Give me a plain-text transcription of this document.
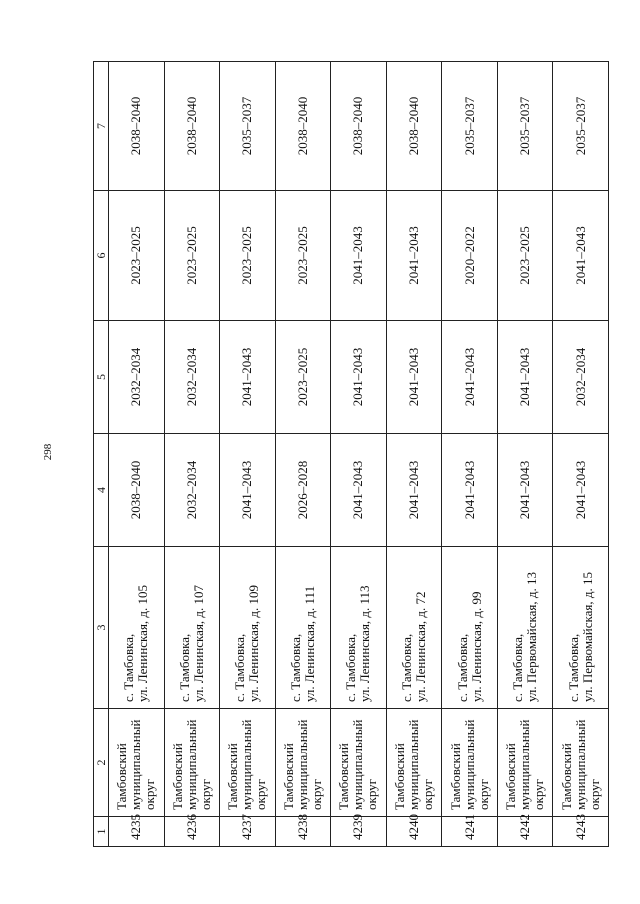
298
1	2	3	4	5	6	7
4235	Тамбовский
муниципальный
округ	с. Тамбовка,
ул. Ленинская, д. 105	2038–2040	2032–2034	2023–2025	2038–2040
4236	Тамбовский
муниципальный
округ	с. Тамбовка,
ул. Ленинская, д. 107	2032–2034	2032–2034	2023–2025	2038–2040
4237	Тамбовский
муниципальный
округ	с. Тамбовка,
ул. Ленинская, д. 109	2041–2043	2041–2043	2023–2025	2035–2037
4238	Тамбовский
муниципальный
округ	с. Тамбовка,
ул. Ленинская, д. 111	2026–2028	2023–2025	2023–2025	2038–2040
4239	Тамбовский
муниципальный
округ	с. Тамбовка,
ул. Ленинская, д. 113	2041–2043	2041–2043	2041–2043	2038–2040
4240	Тамбовский
муниципальный
округ	с. Тамбовка,
ул. Ленинская, д. 72	2041–2043	2041–2043	2041–2043	2038–2040
4241	Тамбовский
муниципальный
округ	с. Тамбовка,
ул. Ленинская, д. 99	2041–2043	2041–2043	2020–2022	2035–2037
4242	Тамбовский
муниципальный
округ	с. Тамбовка,
ул. Первомайская, д. 13	2041–2043	2041–2043	2023–2025	2035–2037
4243	Тамбовский
муниципальный
округ	с. Тамбовка,
ул. Первомайская, д. 15	2041–2043	2032–2034	2041–2043	2035–2037
